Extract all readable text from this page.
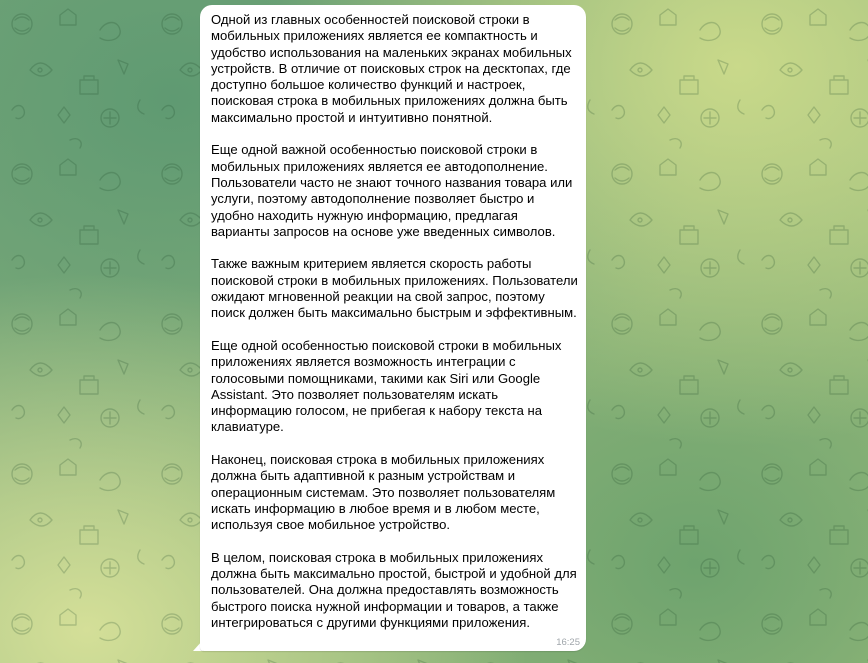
Одной из главных особенностей поисковой строки в мобильных приложениях является ее компактность и удобство использования на маленьких экранах мобильных устройств. В отличие от поисковых строк на десктопах, где доступно большое количество функций и настроек, поисковая строка в мобильных приложениях должна быть максимально простой и интуитивно понятной.

Еще одной важной особенностью поисковой строки в мобильных приложениях является ее автодополнение. Пользователи часто не знают точного названия товара или услуги, поэтому автодополнение позволяет быстро и удобно находить нужную информацию, предлагая варианты запросов на основе уже введенных символов.

Также важным критерием является скорость работы поисковой строки в мобильных приложениях. Пользователи ожидают мгновенной реакции на свой запрос, поэтому поиск должен быть максимально быстрым и эффективным.

Еще одной особенностью поисковой строки в мобильных приложениях является возможность интеграции с голосовыми помощниками, такими как Siri или Google Assistant. Это позволяет пользователям искать информацию голосом, не прибегая к набору текста на клавиатуре.

Наконец, поисковая строка в мобильных приложениях должна быть адаптивной к разным устройствам и операционным системам. Это позволяет пользователям искать информацию в любое время и в любом месте, используя свое мобильное устройство.

В целом, поисковая строка в мобильных приложениях должна быть максимально простой, быстрой и удобной для пользователей. Она должна предоставлять возможность быстрого поиска нужной информации и товаров, а также интегрироваться с другими функциями приложения.

16:25
